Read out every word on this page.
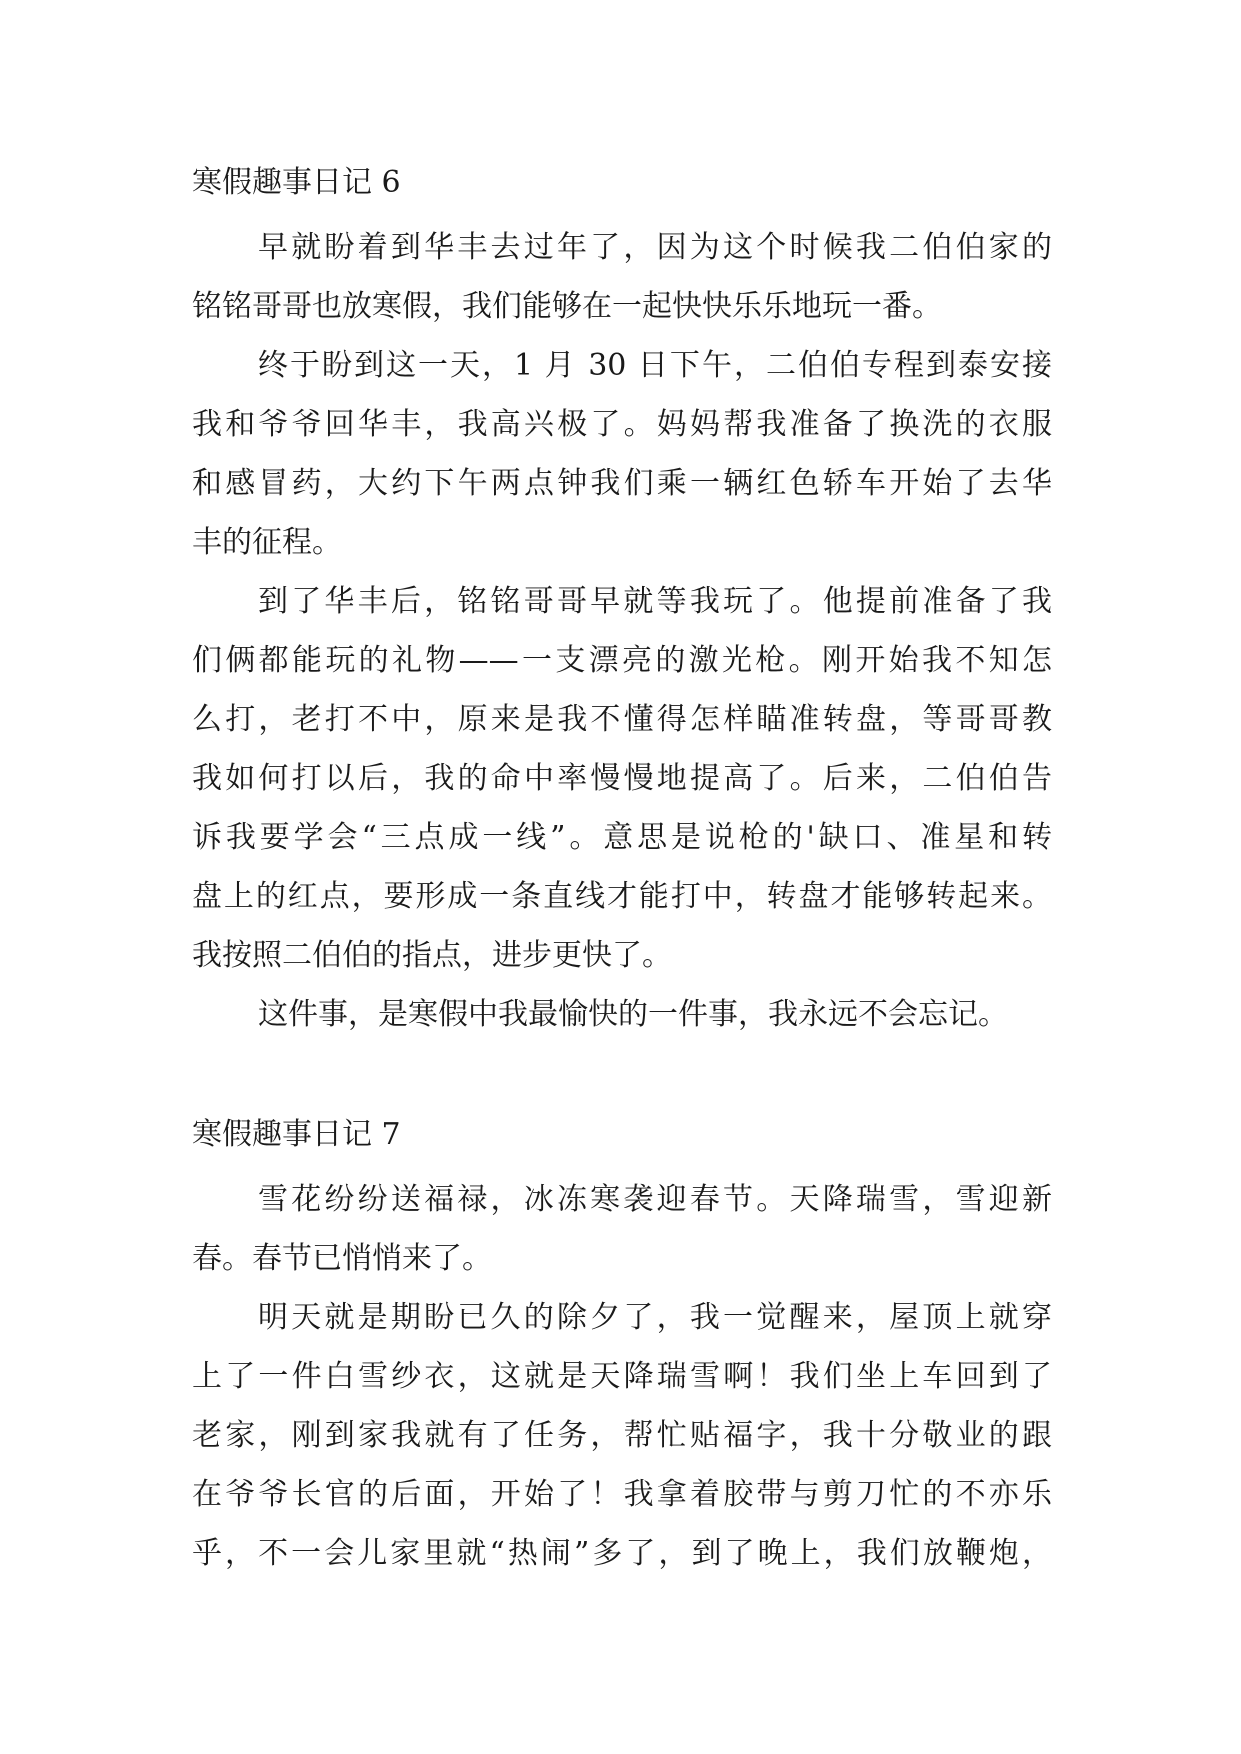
寒假趣事日记 6
早就盼着到华丰去过年了，因为这个时候我二伯伯家的
铭铭哥哥也放寒假，我们能够在一起快快乐乐地玩一番。
终于盼到这一天，1 月 30 日下午，二伯伯专程到泰安接
我和爷爷回华丰，我高兴极了。妈妈帮我准备了换洗的衣服
和感冒药，大约下午两点钟我们乘一辆红色轿车开始了去华
丰的征程。
到了华丰后，铭铭哥哥早就等我玩了。他提前准备了我
们俩都能玩的礼物——一支漂亮的激光枪。刚开始我不知怎
么打，老打不中，原来是我不懂得怎样瞄准转盘，等哥哥教
我如何打以后，我的命中率慢慢地提高了。后来，二伯伯告
诉我要学会“三点成一线”。意思是说枪的'缺口、准星和转
盘上的红点，要形成一条直线才能打中，转盘才能够转起来。
我按照二伯伯的指点，进步更快了。
这件事，是寒假中我最愉快的一件事，我永远不会忘记。
寒假趣事日记 7
雪花纷纷送福禄，冰冻寒袭迎春节。天降瑞雪，雪迎新
春。春节已悄悄来了。
明天就是期盼已久的除夕了，我一觉醒来，屋顶上就穿
上了一件白雪纱衣，这就是天降瑞雪啊！我们坐上车回到了
老家，刚到家我就有了任务，帮忙贴福字，我十分敬业的跟
在爷爷长官的后面，开始了！我拿着胶带与剪刀忙的不亦乐
乎，不一会儿家里就“热闹”多了，到了晚上，我们放鞭炮，
